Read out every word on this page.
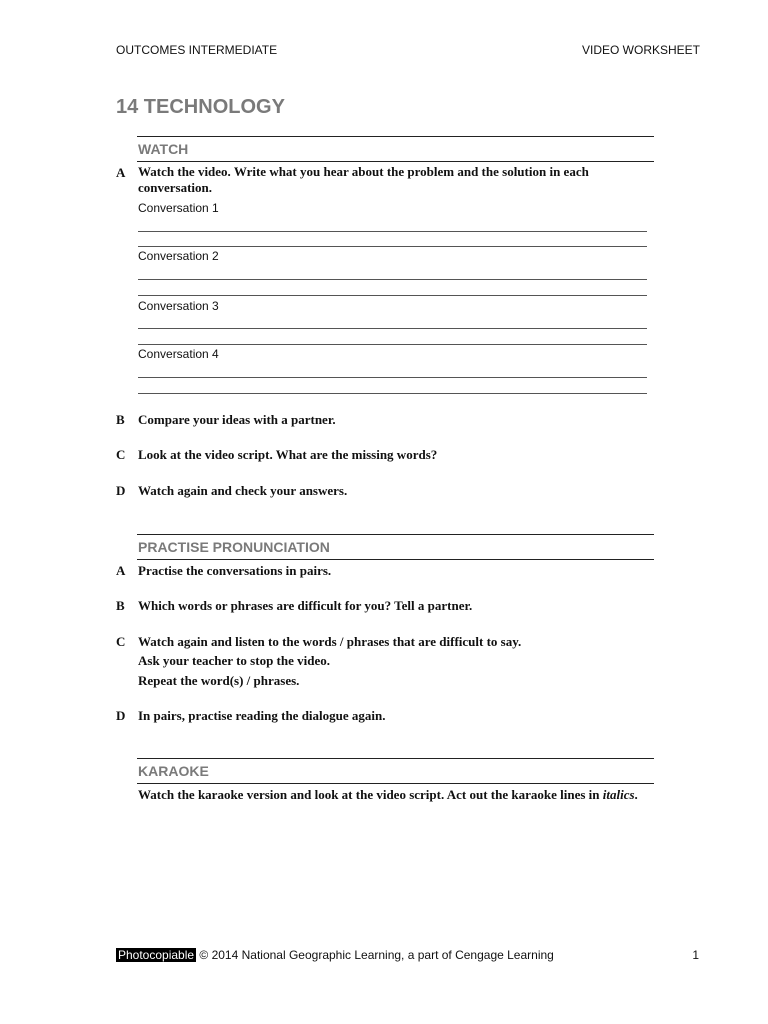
OUTCOMES INTERMEDIATE	VIDEO WORKSHEET
14 TECHNOLOGY
WATCH
A Watch the video. Write what you hear about the problem and the solution in each conversation.
Conversation 1
Conversation 2
Conversation 3
Conversation 4
B Compare your ideas with a partner.
C Look at the video script. What are the missing words?
D Watch again and check your answers.
PRACTISE PRONUNCIATION
A Practise the conversations in pairs.
B Which words or phrases are difficult for you? Tell a partner.
C Watch again and listen to the words / phrases that are difficult to say.
Ask your teacher to stop the video.
Repeat the word(s) / phrases.
D In pairs, practise reading the dialogue again.
KARAOKE
Watch the karaoke version and look at the video script. Act out the karaoke lines in italics.
Photocopiable © 2014 National Geographic Learning, a part of Cengage Learning	1
